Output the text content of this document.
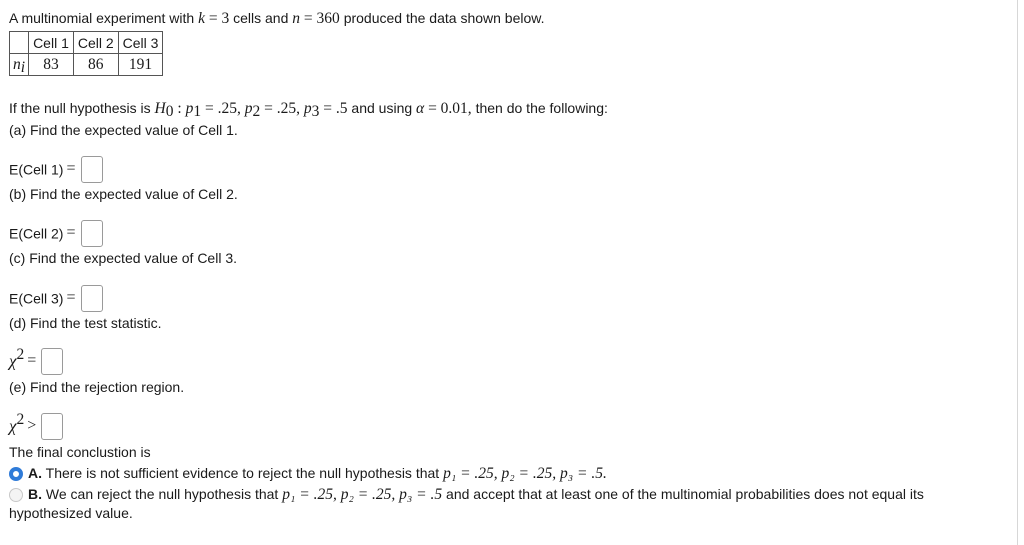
A multinomial experiment with k = 3 cells and n = 360 produced the data shown below.
	Cell 1	Cell 2	Cell 3
$n_i$	83	86	191
If the null hypothesis is $H_0$ : $p_1 = .25$, $p_2 = .25$, $p_3 = .5$ and using α = 0.01, then do the following:
(a) Find the expected value of Cell 1.
E(Cell 1) =
(b) Find the expected value of Cell 2.
E(Cell 2) =
(c) Find the expected value of Cell 3.
E(Cell 3) =
(d) Find the test statistic.
$\chi^2$ =
(e) Find the rejection region.
$\chi^2$ >
The final conclustion is
A. There is not sufficient evidence to reject the null hypothesis that p₁ = .25, p₂ = .25, p₃ = .5.
B. We can reject the null hypothesis that p₁ = .25, p₂ = .25, p₃ = .5 and accept that at least one of the multinomial probabilities does not equal its
hypothesized value.
